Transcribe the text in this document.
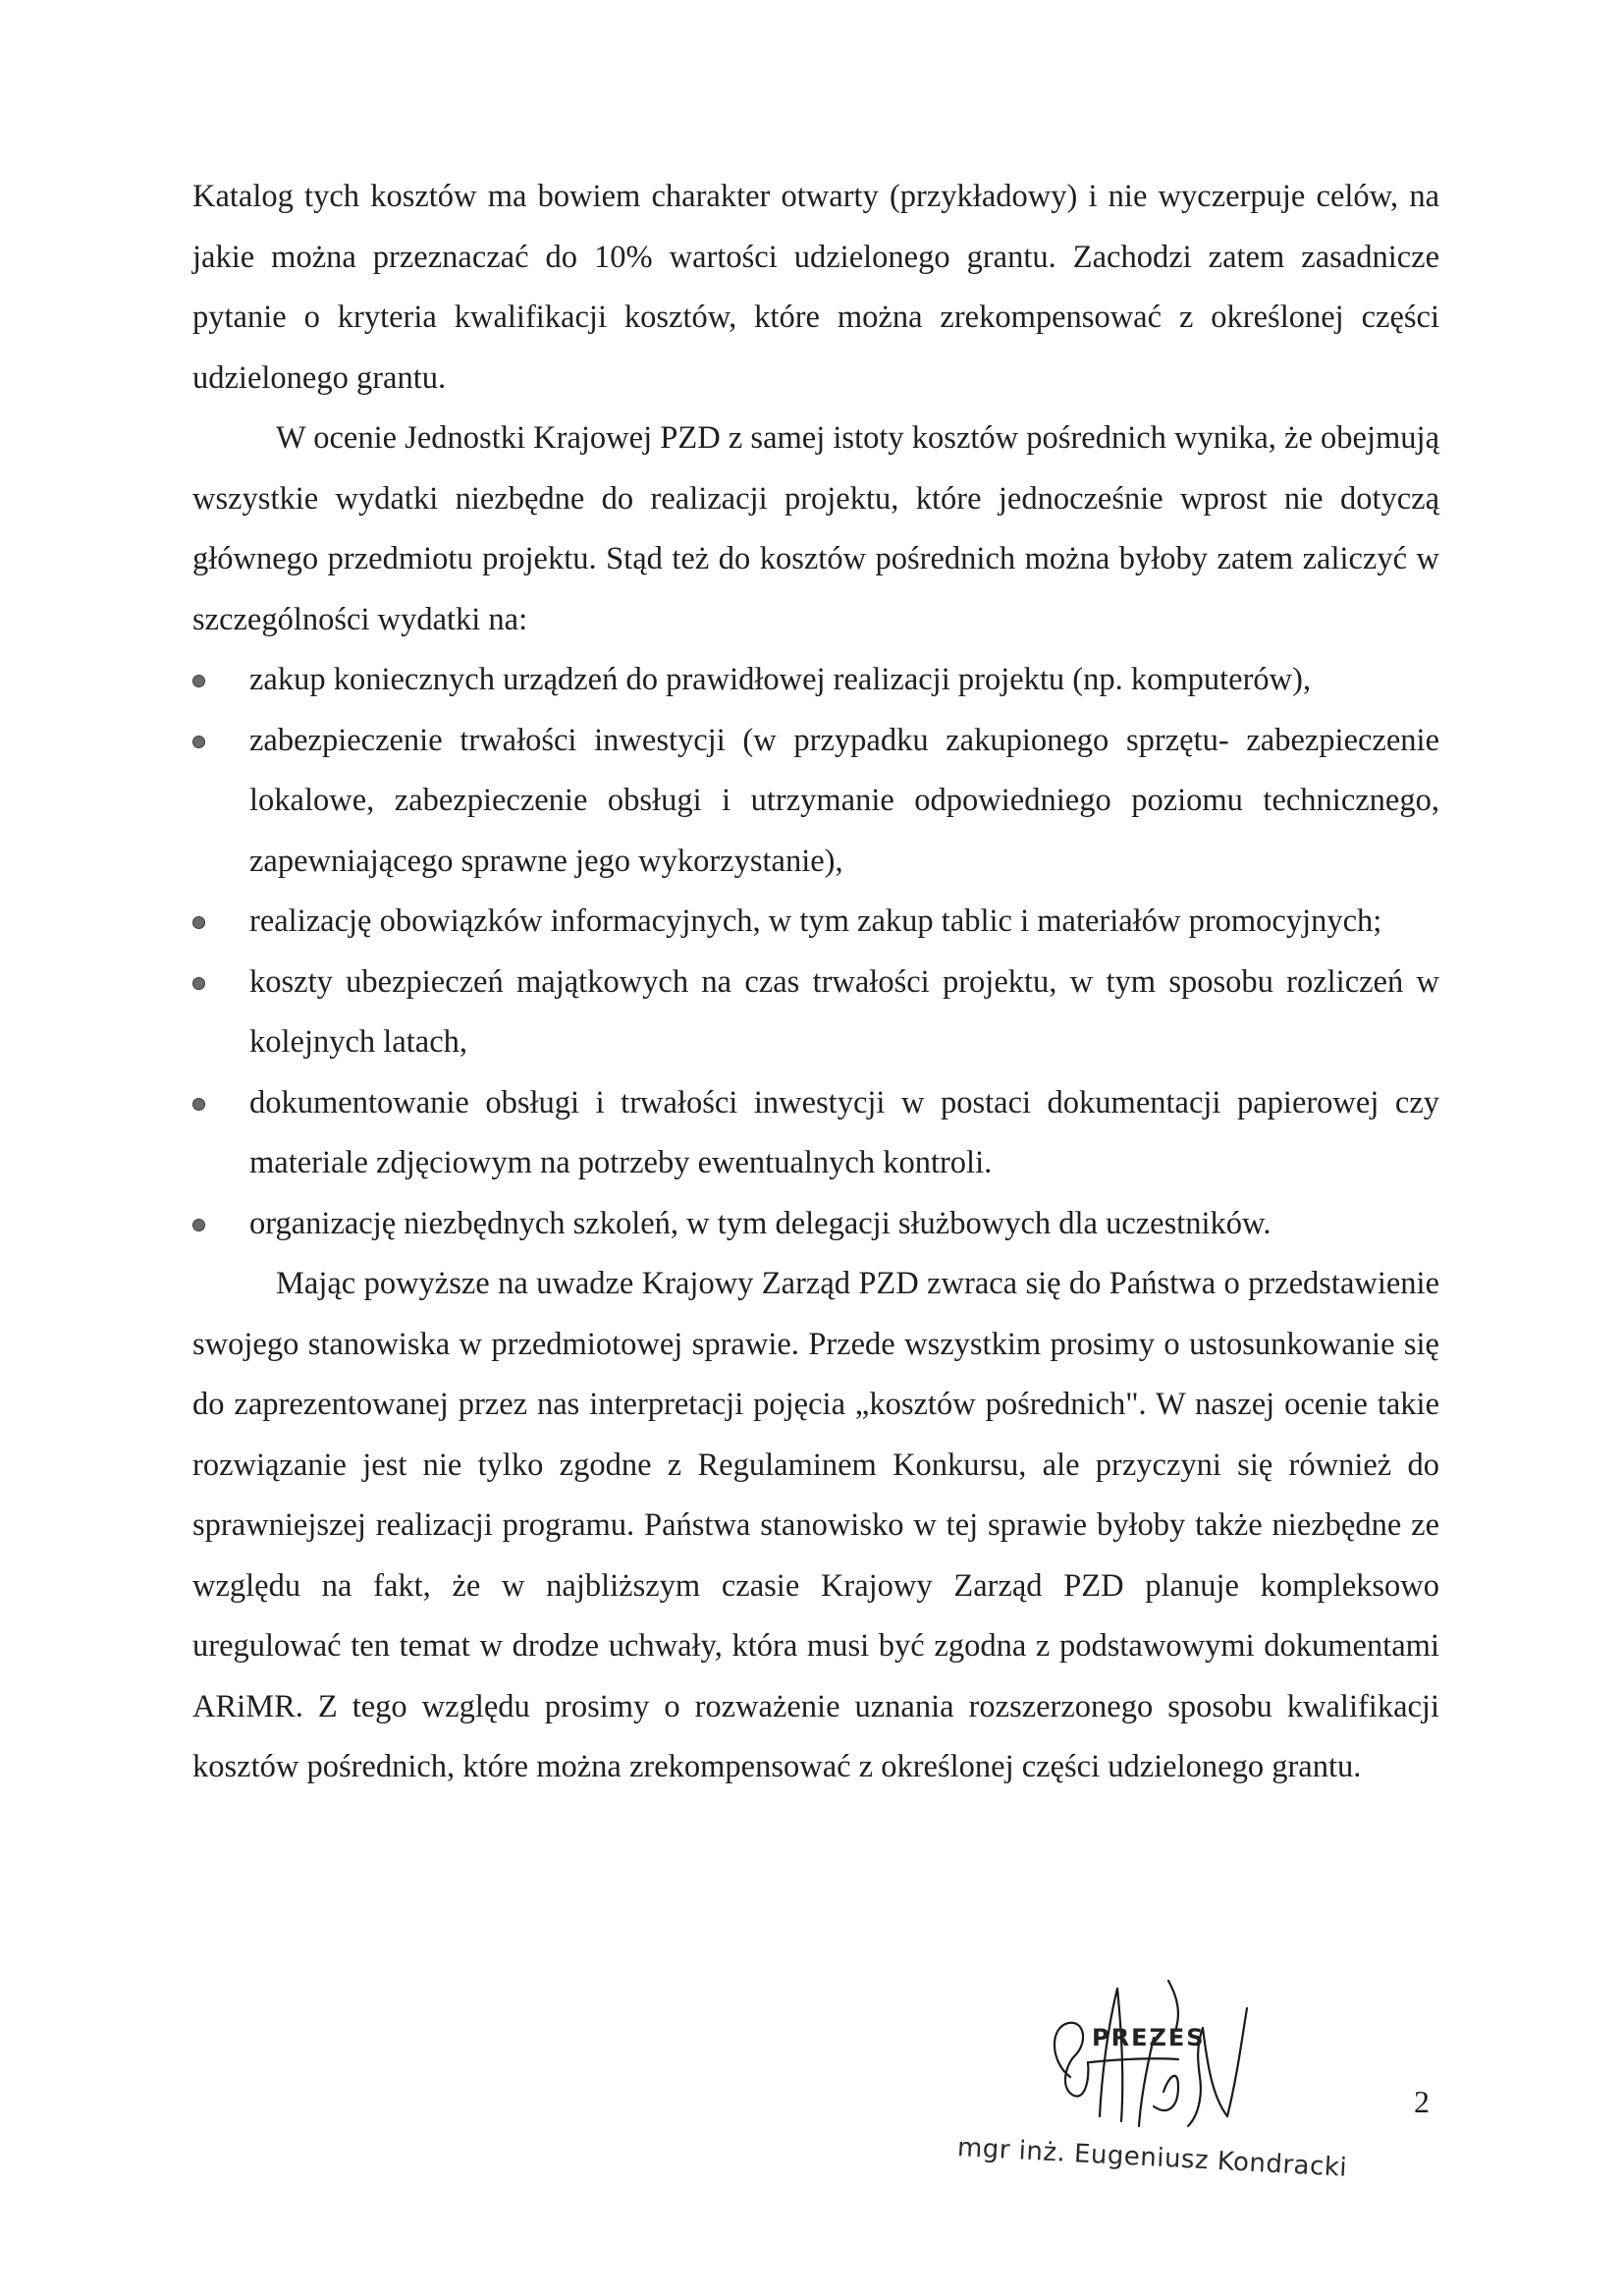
Katalog tych kosztów ma bowiem charakter otwarty (przykładowy) i nie wyczerpuje celów, na jakie można przeznaczać do 10% wartości udzielonego grantu. Zachodzi zatem zasadnicze pytanie o kryteria kwalifikacji kosztów, które można zrekompensować z określonej części udzielonego grantu.

W ocenie Jednostki Krajowej PZD z samej istoty kosztów pośrednich wynika, że obejmują wszystkie wydatki niezbędne do realizacji projektu, które jednocześnie wprost nie dotyczą głównego przedmiotu projektu. Stąd też do kosztów pośrednich można byłoby zatem zaliczyć w szczególności wydatki na:

zakup koniecznych urządzeń do prawidłowej realizacji projektu (np. komputerów),
zabezpieczenie trwałości inwestycji (w przypadku zakupionego sprzętu- zabezpieczenie lokalowe, zabezpieczenie obsługi i utrzymanie odpowiedniego poziomu technicznego, zapewniającego sprawne jego wykorzystanie),
realizację obowiązków informacyjnych, w tym zakup tablic i materiałów promocyjnych;
koszty ubezpieczeń majątkowych na czas trwałości projektu, w tym sposobu rozliczeń w kolejnych latach,
dokumentowanie obsługi i trwałości inwestycji w postaci dokumentacji papierowej czy materiale zdjęciowym na potrzeby ewentualnych kontroli.
organizację niezbędnych szkoleń, w tym delegacji służbowych dla uczestników.

Mając powyższe na uwadze Krajowy Zarząd PZD zwraca się do Państwa o przedstawienie swojego stanowiska w przedmiotowej sprawie. Przede wszystkim prosimy o ustosunkowanie się do zaprezentowanej przez nas interpretacji pojęcia „kosztów pośrednich". W naszej ocenie takie rozwiązanie jest nie tylko zgodne z Regulaminem Konkursu, ale przyczyni się również do sprawniejszej realizacji programu. Państwa stanowisko w tej sprawie byłoby także niezbędne ze względu na fakt, że w najbliższym czasie Krajowy Zarząd PZD planuje kompleksowo uregulować ten temat w drodze uchwały, która musi być zgodna z podstawowymi dokumentami ARiMR. Z tego względu prosimy o rozważenie uznania rozszerzonego sposobu kwalifikacji kosztów pośrednich, które można zrekompensować z określonej części udzielonego grantu.

PREZES
mgr inż. Eugeniusz Kondracki
2
